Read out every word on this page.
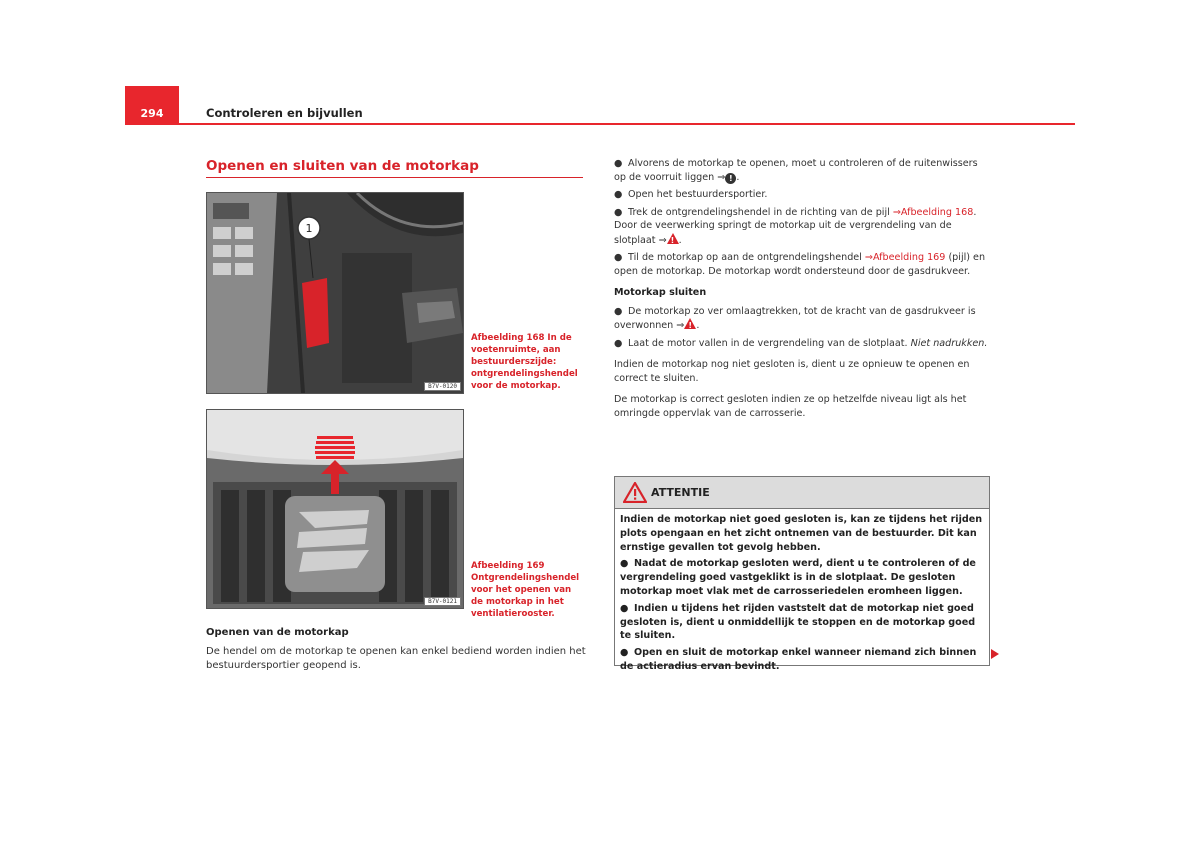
294	Controleren en bijvullen
Openen en sluiten van de motorkap
1
B7V-0120
Afbeelding 168 In de voetenruimte, aan bestuurderszijde: ontgrendelingshendel voor de motorkap.
B7V-0121
Afbeelding 169 Ontgrendelingshendel voor het openen van de motorkap in het ventilatierooster.
Openen van de motorkap
De hendel om de motorkap te openen kan enkel bediend worden indien het bestuurdersportier geopend is.
● Alvorens de motorkap te openen, moet u controleren of de ruitenwissers op de voorruit liggen ⇒ ! .
● Open het bestuurdersportier.
● Trek de ontgrendelingshendel in de richting van de pijl ⇒Afbeelding 168. Door de veerwerking springt de motorkap uit de vergrendeling van de slotplaat ⇒ ! .
● Til de motorkap op aan de ontgrendelingshendel ⇒Afbeelding 169 (pijl) en open de motorkap. De motorkap wordt ondersteund door de gasdrukveer.
Motorkap sluiten
● De motorkap zo ver omlaagtrekken, tot de kracht van de gasdrukveer is overwonnen ⇒ ! .
● Laat de motor vallen in de vergrendeling van de slotplaat. Niet nadrukken.
Indien de motorkap nog niet gesloten is, dient u ze opnieuw te openen en correct te sluiten.
De motorkap is correct gesloten indien ze op hetzelfde niveau ligt als het omringde oppervlak van de carrosserie.
ATTENTIE

Indien de motorkap niet goed gesloten is, kan ze tijdens het rijden plots opengaan en het zicht ontnemen van de bestuurder. Dit kan ernstige gevallen tot gevolg hebben.

● Nadat de motorkap gesloten werd, dient u te controleren of de vergrendeling goed vastgeklikt is in de slotplaat. De gesloten motorkap moet vlak met de carrosseriedelen eromheen liggen.

● Indien u tijdens het rijden vaststelt dat de motorkap niet goed gesloten is, dient u onmiddellijk te stoppen en de motorkap goed te sluiten.

● Open en sluit de motorkap enkel wanneer niemand zich binnen de actieradius ervan bevindt.
